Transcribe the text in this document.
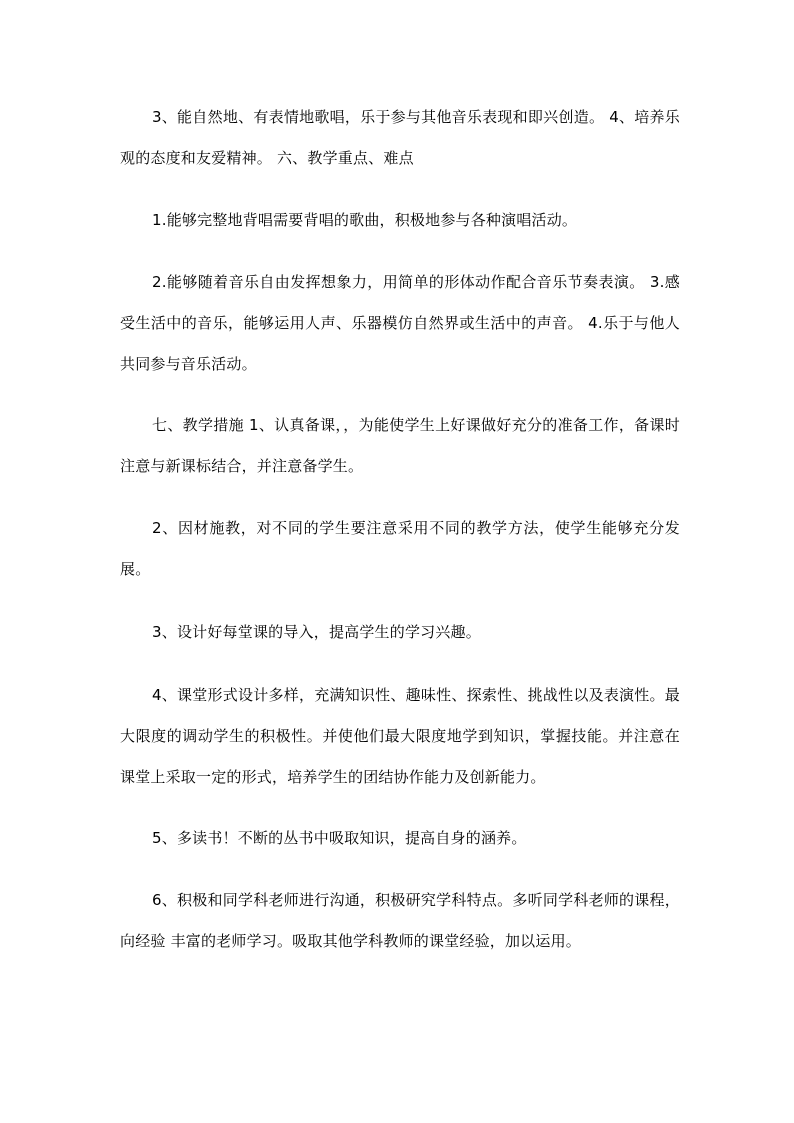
3、能自然地、有表情地歌唱，乐于参与其他音乐表现和即兴创造。 4、培养乐观的态度和友爱精神。 六、教学重点、难点

1.能够完整地背唱需要背唱的歌曲，积极地参与各种演唱活动。

2.能够随着音乐自由发挥想象力，用简单的形体动作配合音乐节奏表演。 3.感受生活中的音乐，能够运用人声、乐器模仿自然界或生活中的声音。 4.乐于与他人共同参与音乐活动。

七、教学措施 1、认真备课，，为能使学生上好课做好充分的准备工作，备课时注意与新课标结合，并注意备学生。

2、因材施教，对不同的学生要注意采用不同的教学方法，使学生能够充分发展。

3、设计好每堂课的导入，提高学生的学习兴趣。

4、课堂形式设计多样，充满知识性、趣味性、探索性、挑战性以及表演性。最大限度的调动学生的积极性。并使他们最大限度地学到知识，掌握技能。并注意在课堂上采取一定的形式，培养学生的团结协作能力及创新能力。

5、多读书！不断的丛书中吸取知识，提高自身的涵养。

6、积极和同学科老师进行沟通，积极研究学科特点。多听同学科老师的课程，向经验 丰富的老师学习。吸取其他学科教师的课堂经验，加以运用。
